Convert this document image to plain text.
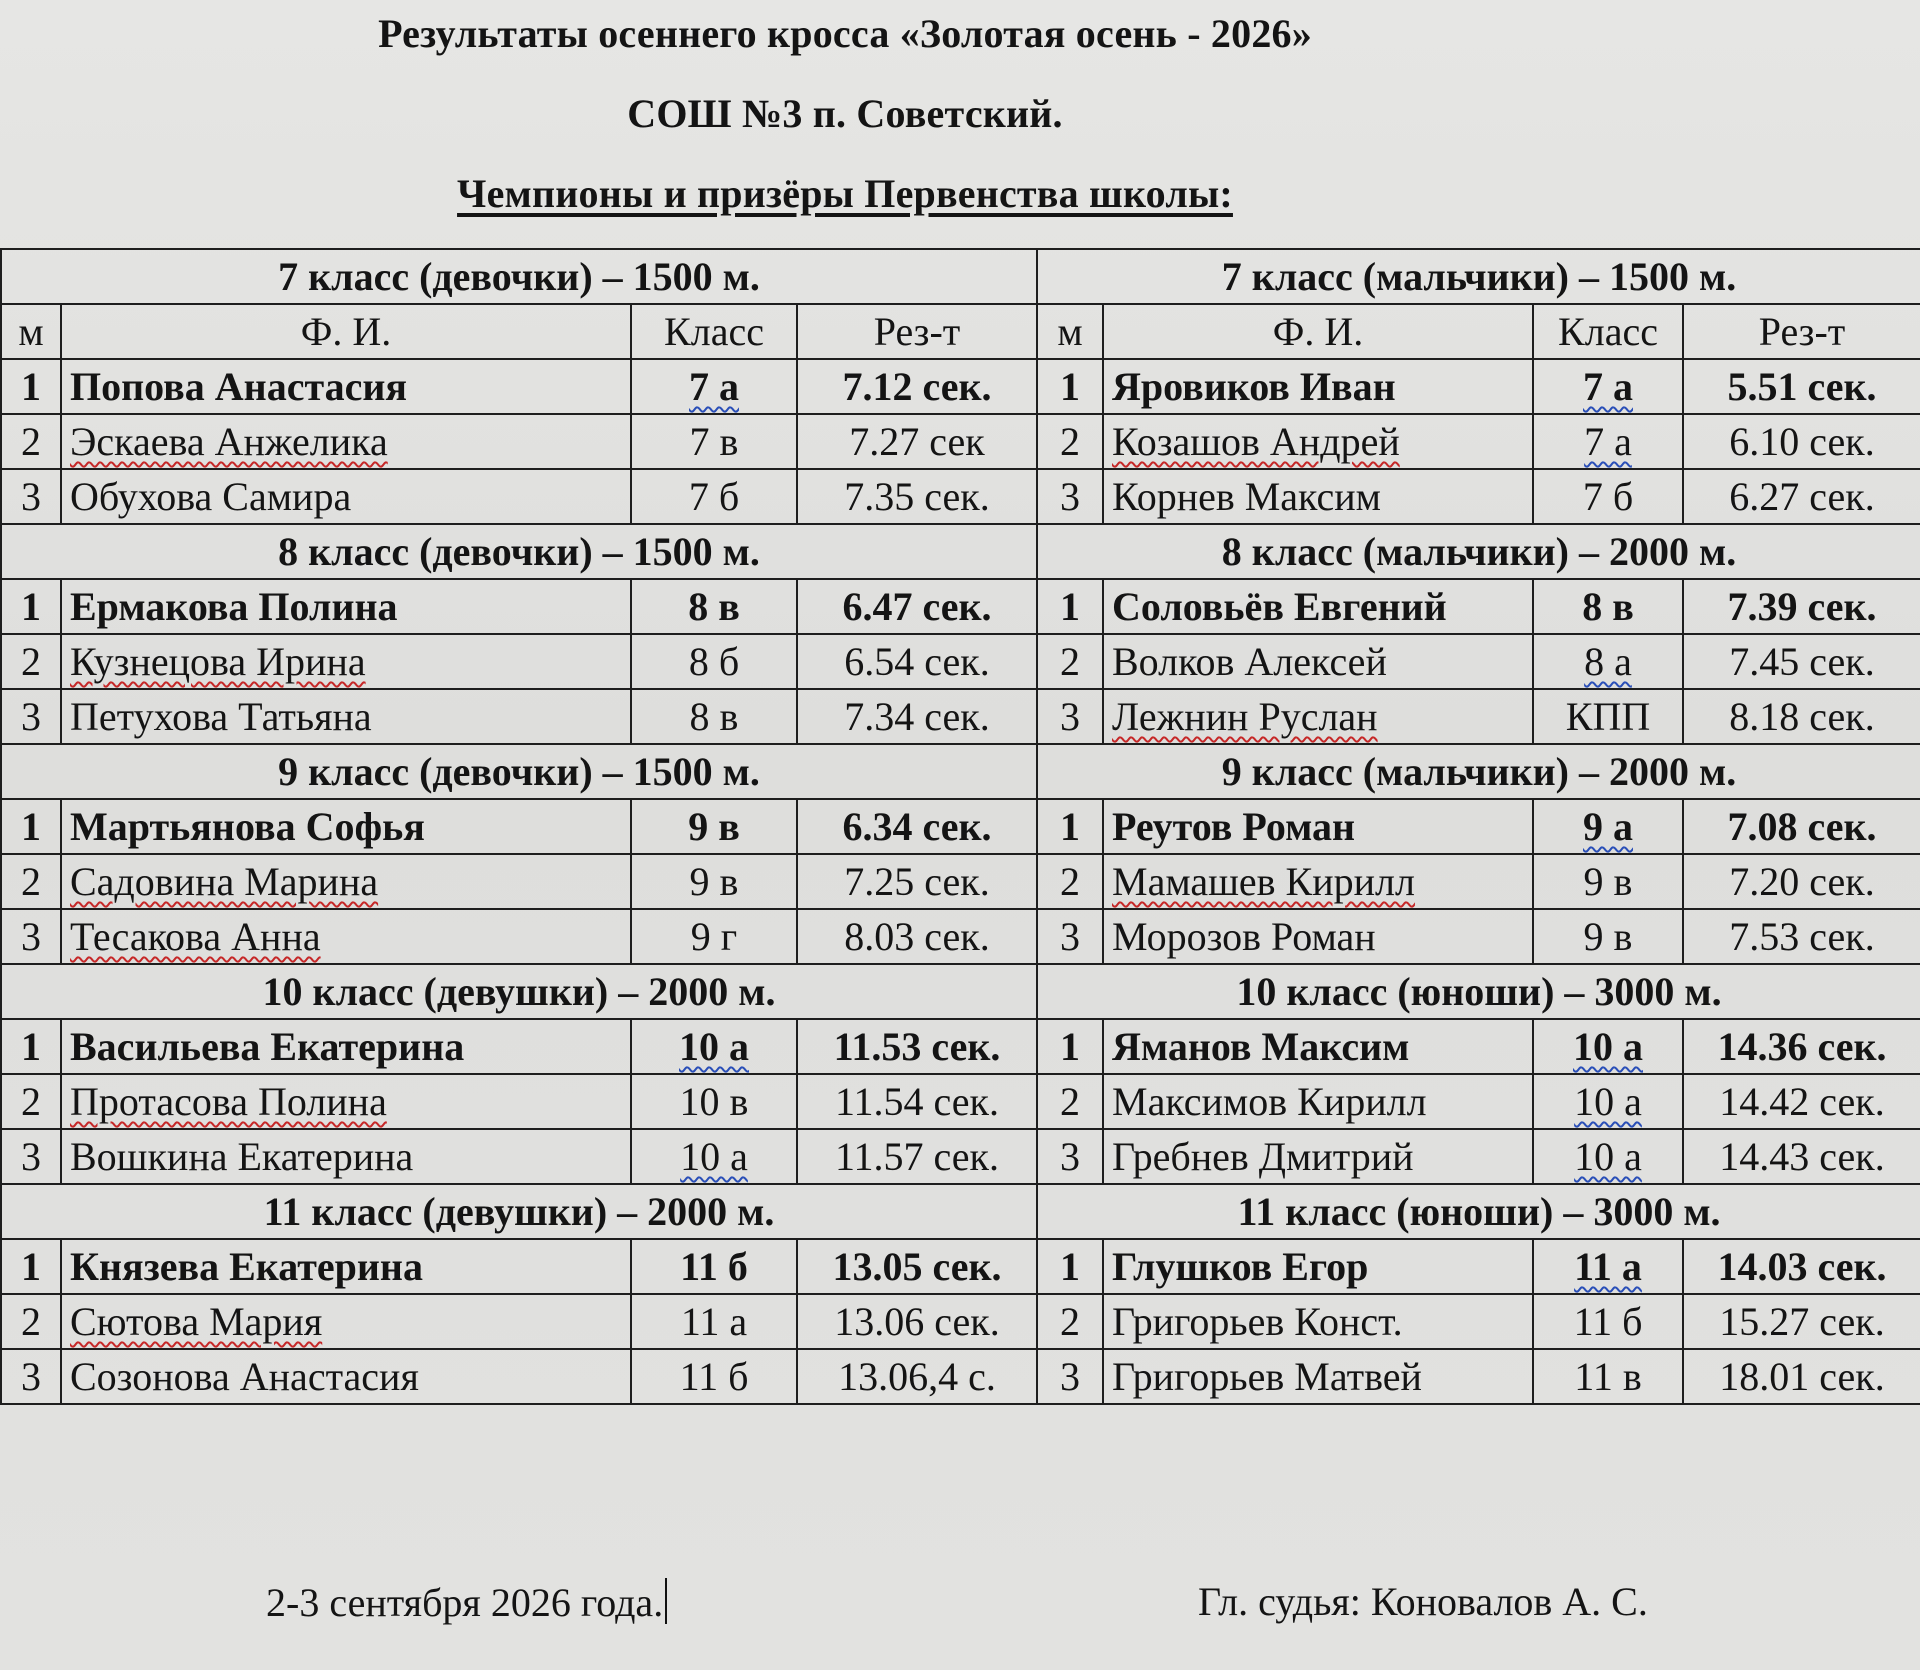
Результаты осеннего кросса «Золотая осень - 2026»
СОШ №3 п. Советский.
Чемпионы и призёры Первенства школы:
7 класс (девочки) – 1500 м.			
м	Ф. И.	Класс	Рез-т
1	Попова Анастасия	7 а	7.12 сек.
2	Эскаева Анжелика	7 в	7.27 сек
3	Обухова Самира	7 б	7.35 сек.
8 класс (девочки) – 1500 м.			
1	Ермакова Полина	8 в	6.47 сек.
2	Кузнецова Ирина	8 б	6.54 сек.
3	Петухова Татьяна	8 в	7.34 сек.
9 класс (девочки) – 1500 м.			
1	Мартьянова Софья	9 в	6.34 сек.
2	Садовина Марина	9 в	7.25 сек.
3	Тесакова Анна	9 г	8.03 сек.
10 класс (девушки) – 2000 м.			
1	Васильева Екатерина	10 а	11.53 сек.
2	Протасова Полина	10 в	11.54 сек.
3	Вошкина Екатерина	10 а	11.57 сек.
11 класс (девушки) – 2000 м.			
1	Князева Екатерина	11 б	13.05 сек.
2	Сютова Мария	11 а	13.06 сек.
3	Созонова Анастасия	11 б	13.06,4 с.
7 класс (мальчики) – 1500 м.			
м	Ф. И.	Класс	Рез-т
1	Яровиков Иван	7 а	5.51 сек.
2	Козашов Андрей	7 а	6.10 сек.
3	Корнев Максим	7 б	6.27 сек.
8 класс (мальчики) – 2000 м.			
1	Соловьёв Евгений	8 в	7.39 сек.
2	Волков Алексей	8 а	7.45 сек.
3	Лежнин Руслан	КПП	8.18 сек.
9 класс (мальчики) – 2000 м.			
1	Реутов Роман	9 а	7.08 сек.
2	Мамашев Кирилл	9 в	7.20 сек.
3	Морозов Роман	9 в	7.53 сек.
10 класс (юноши) – 3000 м.			
1	Яманов Максим	10 а	14.36 сек.
2	Максимов Кирилл	10 а	14.42 сек.
3	Гребнев Дмитрий	10 а	14.43 сек.
11 класс (юноши) – 3000 м.			
1	Глушков Егор	11 а	14.03 сек.
2	Григорьев Конст.	11 б	15.27 сек.
3	Григорьев Матвей	11 в	18.01 сек.
2-3 сентября 2026 года.	Гл. судья: Коновалов А. С.
